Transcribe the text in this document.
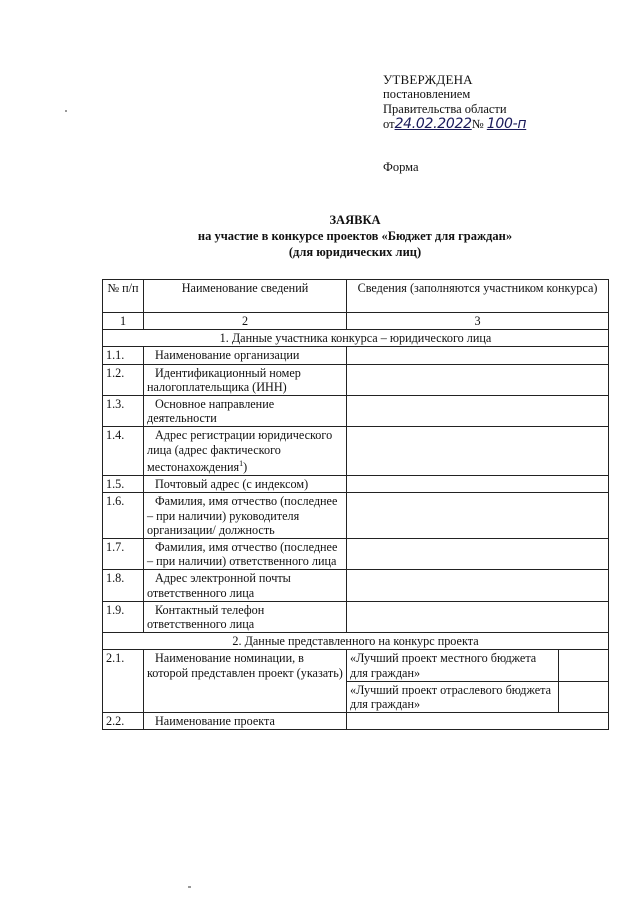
УТВЕРЖДЕНА
постановлением
Правительства области
от24.02.2022№ 100-п
Форма
ЗАЯВКА
на участие в конкурсе проектов «Бюджет для граждан»
(для юридических лиц)
№ п/п	Наименование сведений	Сведения (заполняются участником конкурса)	
1	2	3	
1. Данные участника конкурса – юридического лица			
1.1.	Наименование организации		
1.2.	Идентификационный номер налогоплательщика (ИНН)		
1.3.	Основное направление деятельности		
1.4.	Адрес регистрации юридического лица (адрес фактического местонахождения$^1$)		
1.5.	Почтовый адрес (с индексом)		
1.6.	Фамилия, имя отчество (последнее – при наличии) руководителя организации/ должность		
1.7.	Фамилия, имя отчество (последнее – при наличии) ответственного лица		
1.8.	Адрес электронной почты ответственного лица		
1.9.	Контактный телефон ответственного лица		
2. Данные представленного на конкурс проекта			
2.1.	Наименование номинации, в которой представлен проект (указать)	«Лучший проект местного бюджета для граждан»	
		«Лучший проект отраслевого бюджета для граждан»	
2.2.	Наименование проекта		
